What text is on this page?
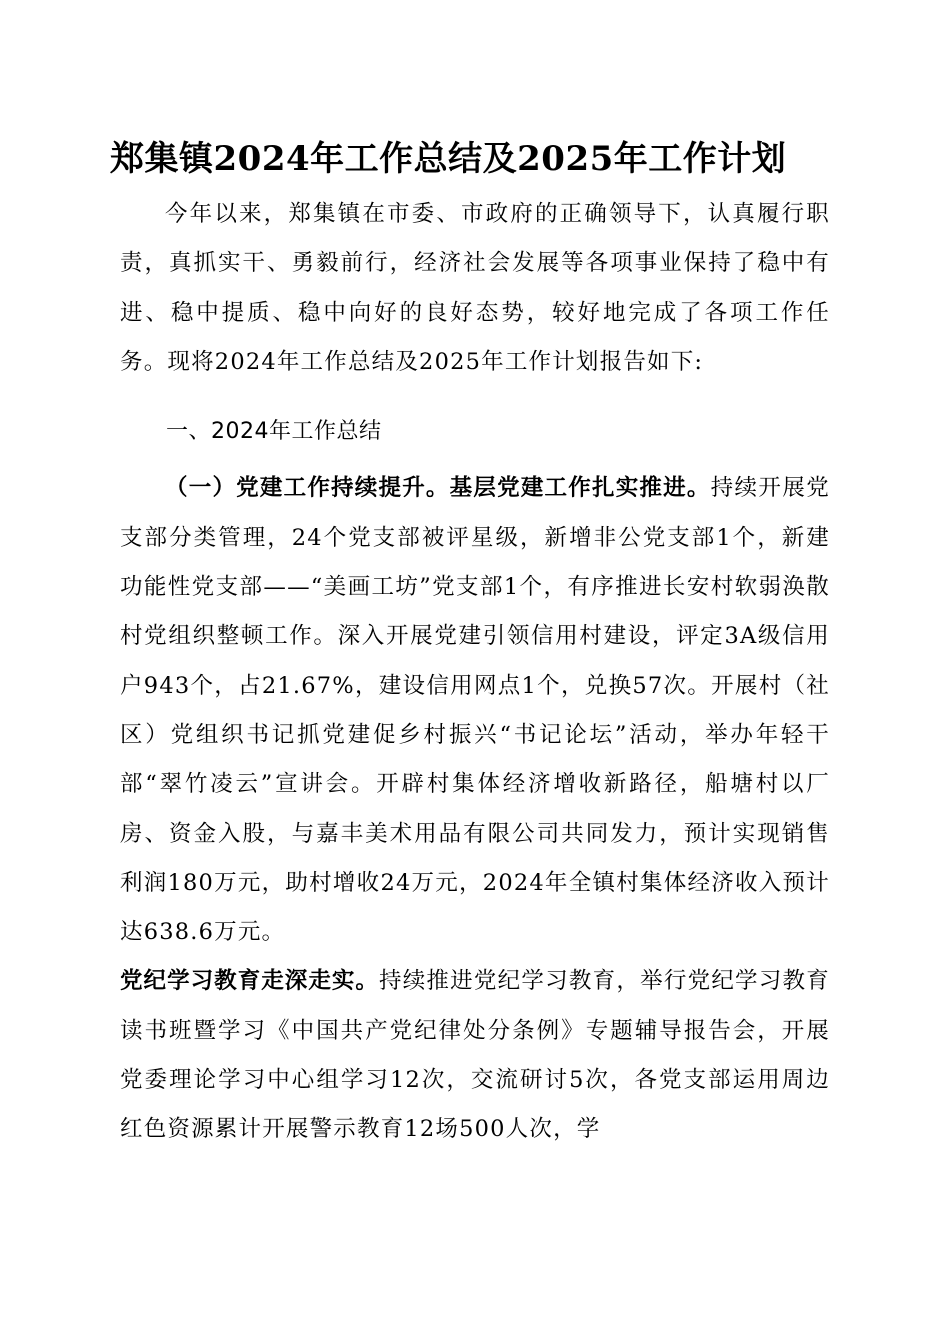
郑集镇2024年工作总结及2025年工作计划

今年以来，郑集镇在市委、市政府的正确领导下，认真履行职责，真抓实干、勇毅前行，经济社会发展等各项事业保持了稳中有进、稳中提质、稳中向好的良好态势，较好地完成了各项工作任务。现将2024年工作总结及2025年工作计划报告如下:

一、2024年工作总结

（一）党建工作持续提升。基层党建工作扎实推进。持续开展党支部分类管理，24个党支部被评星级，新增非公党支部1个，新建功能性党支部——“美画工坊”党支部1个，有序推进长安村软弱涣散村党组织整顿工作。深入开展党建引领信用村建设，评定3A级信用户943个，占21.67%，建设信用网点1个，兑换57次。开展村（社区）党组织书记抓党建促乡村振兴“书记论坛”活动，举办年轻干部“翠竹凌云”宣讲会。开辟村集体经济增收新路径，船塘村以厂房、资金入股，与嘉丰美术用品有限公司共同发力，预计实现销售利润180万元，助村增收24万元，2024年全镇村集体经济收入预计达638.6万元。

党纪学习教育走深走实。持续推进党纪学习教育，举行党纪学习教育读书班暨学习《中国共产党纪律处分条例》专题辅导报告会，开展党委理论学习中心组学习12次，交流研讨5次，各党支部运用周边红色资源累计开展警示教育12场500人次，学
